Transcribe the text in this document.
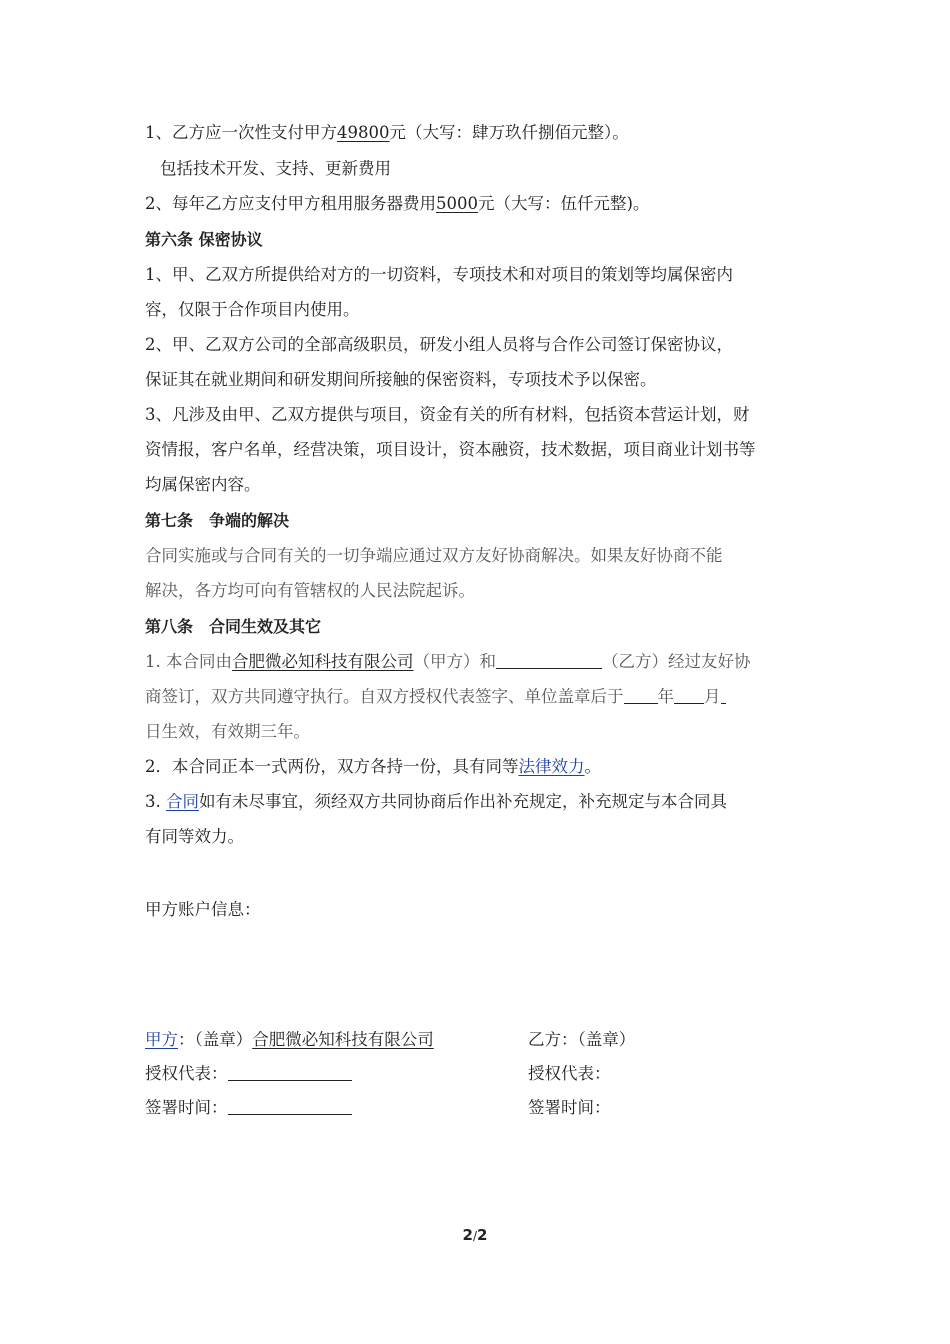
1、乙方应一次性支付甲方49800元（大写：肆万玖仟捌佰元整）。
包括技术开发、支持、更新费用
2、每年乙方应支付甲方租用服务器费用5000元（大写：伍仟元整)。
第六条 保密协议
1、甲、乙双方所提供给对方的一切资料，专项技术和对项目的策划等均属保密内
容，仅限于合作项目内使用。
2、甲、乙双方公司的全部高级职员，研发小组人员将与合作公司签订保密协议，
保证其在就业期间和研发期间所接触的保密资料，专项技术予以保密。
3、凡涉及由甲、乙双方提供与项目，资金有关的所有材料，包括资本营运计划，财
资情报，客户名单，经营决策，项目设计，资本融资，技术数据，项目商业计划书等
均属保密内容。
第七条　争端的解决
合同实施或与合同有关的一切争端应通过双方友好协商解决。如果友好协商不能
解决，各方均可向有管辖权的人民法院起诉。
第八条　合同生效及其它
1. 本合同由合肥微必知科技有限公司（甲方）和	（乙方）经过友好协
商签订，双方共同遵守执行。自双方授权代表签字、单位盖章后于 年 月
日生效，有效期三年。
2．本合同正本一式两份，双方各持一份，具有同等法律效力。
3. 合同如有未尽事宜，须经双方共同协商后作出补充规定，补充规定与本合同具
有同等效力。
甲方账户信息：
甲方：（盖章）合肥微必知科技有限公司	乙方：（盖章）
授权代表：	授权代表：
签署时间：	签署时间：
2/2
